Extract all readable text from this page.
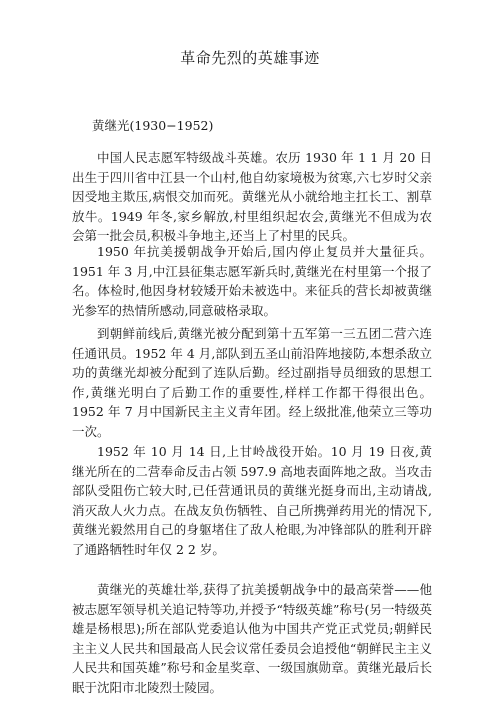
革命先烈的英雄事迹
黄继光(1930−1952)

中国人民志愿军特级战斗英雄。农历 1930 年 1 1 月 20 日出生于四川省中江县一个山村,他自幼家境极为贫寒,六七岁时父亲因受地主欺压,病恨交加而死。黄继光从小就给地主扛长工、割草放牛。1949 年冬,家乡解放,村里组织起农会,黄继光不但成为农会第一批会员,积极斗争地主,还当上了村里的民兵。

1950 年抗美援朝战争开始后,国内停止复员并大量征兵。1951 年 3 月,中江县征集志愿军新兵时,黄继光在村里第一个报了名。体检时,他因身材较矮开始未被选中。来征兵的营长却被黄继光参军的热情所感动,同意破格录取。

到朝鲜前线后,黄继光被分配到第十五军第一三五团二营六连任通讯员。1952 年 4 月,部队到五圣山前沿阵地接防,本想杀敌立功的黄继光却被分配到了连队后勤。经过副指导员细致的思想工作,黄继光明白了后勤工作的重要性,样样工作都干得很出色。1952 年 7 月中国新民主主义青年团。经上级批准,他荣立三等功一次。

1952 年 10 月 14 日,上甘岭战役开始。10 月 19 日夜,黄继光所在的二营奉命反击占领 597.9 高地表面阵地之敌。当攻击部队受阻伤亡较大时,已任营通讯员的黄继光挺身而出,主动请战,消灭敌人火力点。在战友负伤牺牲、自己所携弹药用光的情况下,黄继光毅然用自己的身躯堵住了敌人枪眼,为冲锋部队的胜利开辟了通路牺牲时年仅 2 2 岁。

黄继光的英雄壮举,获得了抗美援朝战争中的最高荣誉——他被志愿军领导机关追记特等功,并授予“特级英雄”称号(另一特级英雄是杨根思);所在部队党委追认他为中国共产党正式党员;朝鲜民主主义人民共和国最高人民会议常任委员会追授他“朝鲜民主主义人民共和国英雄”称号和金星奖章、一级国旗勋章。黄继光最后长眠于沈阳市北陵烈士陵园。
